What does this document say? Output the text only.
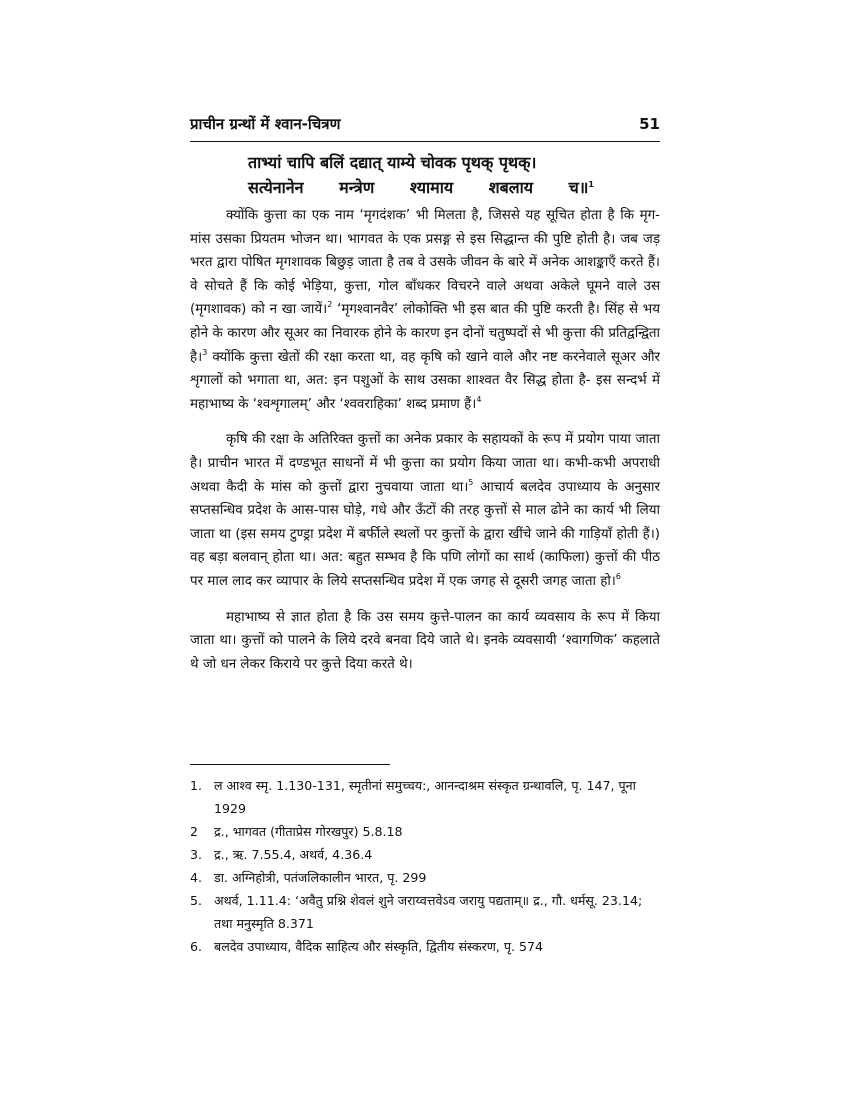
प्राचीन ग्रन्थों में श्वान-चित्रण	51
ताभ्यां चापि बलिं दद्यात् याम्ये चोवक पृथक् पृथक्।
सत्येनानेन मन्त्रेण श्यामाय शबलाय च॥$^1$

क्योंकि कुत्ता का एक नाम ‘मृगदंशक’ भी मिलता है, जिससे यह सूचित होता है कि मृग-मांस उसका प्रियतम भोजन था। भागवत के एक प्रसङ्ग से इस सिद्धान्त की पुष्टि होती है। जब जड़ भरत द्वारा पोषित मृगशावक बिछुड़ जाता है तब वे उसके जीवन के बारे में अनेक आशङ्काएँ करते हैं। वे सोचते हैं कि कोई भेड़िया, कुत्ता, गोल बाँधकर विचरने वाले अथवा अकेले घूमने वाले उस (मृगशावक) को न खा जायें।$^2$ ‘मृगश्वानवैर’ लोकोक्ति भी इस बात की पुष्टि करती है। सिंह से भय होने के कारण और सूअर का निवारक होने के कारण इन दोनों चतुष्पदों से भी कुत्ता की प्रतिद्वन्द्विता है।$^3$ क्योंकि कुत्ता खेतों की रक्षा करता था, वह कृषि को खाने वाले और नष्ट करनेवाले सूअर और शृगालों को भगाता था, अत: इन पशुओं के साथ उसका शाश्वत वैर सिद्ध होता है- इस सन्दर्भ में महाभाष्य के ‘श्वशृगालम्’ और ‘श्ववराहिका’ शब्द प्रमाण हैं।$^4$

कृषि की रक्षा के अतिरिक्त कुत्तों का अनेक प्रकार के सहायकों के रूप में प्रयोग पाया जाता है। प्राचीन भारत में दण्डभूत साधनों में भी कुत्ता का प्रयोग किया जाता था। कभी-कभी अपराधी अथवा कैदी के मांस को कुत्तों द्वारा नुचवाया जाता था।$^5$ आचार्य बलदेव उपाध्याय के अनुसार सप्तसन्धिव प्रदेश के आस-पास घोड़े, गधे और ऊँटों की तरह कुत्तों से माल ढोने का कार्य भी लिया जाता था (इस समय टुण्ड्रा प्रदेश में बर्फीले स्थलों पर कुत्तों के द्वारा खींचे जाने की गाड़ियाँ होती हैं।) वह बड़ा बलवान् होता था। अत: बहुत सम्भव है कि पणि लोगों का सार्थ (काफिला) कुत्तों की पीठ पर माल लाद कर व्यापार के लिये सप्तसन्धिव प्रदेश में एक जगह से दूसरी जगह जाता हो।$^6$

महाभाष्य से ज्ञात होता है कि उस समय कुत्ते-पालन का कार्य व्यवसाय के रूप में किया जाता था। कुत्तों को पालने के लिये दरवे बनवा दिये जाते थे। इनके व्यवसायी ‘श्वागणिक’ कहलाते थे जो धन लेकर किराये पर कुत्ते दिया करते थे।

1. ल आश्व स्मृ. 1.130-131, स्मृतीनां समुच्चय:, आनन्दाश्रम संस्कृत ग्रन्थावलि, पृ. 147, पूना 1929
2	द्र., भागवत (गीताप्रेस गोरखपुर) 5.8.18
3. द्र., ऋ. 7.55.4, अथर्व, 4.36.4
4. डा. अग्निहोत्री, पतंजलिकालीन भारत, पृ. 299
5. अथर्व, 1.11.4: ‘अवैतु प्रश्नि शेवलं शुने जराय्वत्तवेऽव जरायु पद्यताम्॥ द्र., गौ. धर्मसू. 23.14; तथा मनुस्मृति 8.371
6. बलदेव उपाध्याय, वैदिक साहित्य और संस्कृति, द्वितीय संस्करण, पृ. 574
